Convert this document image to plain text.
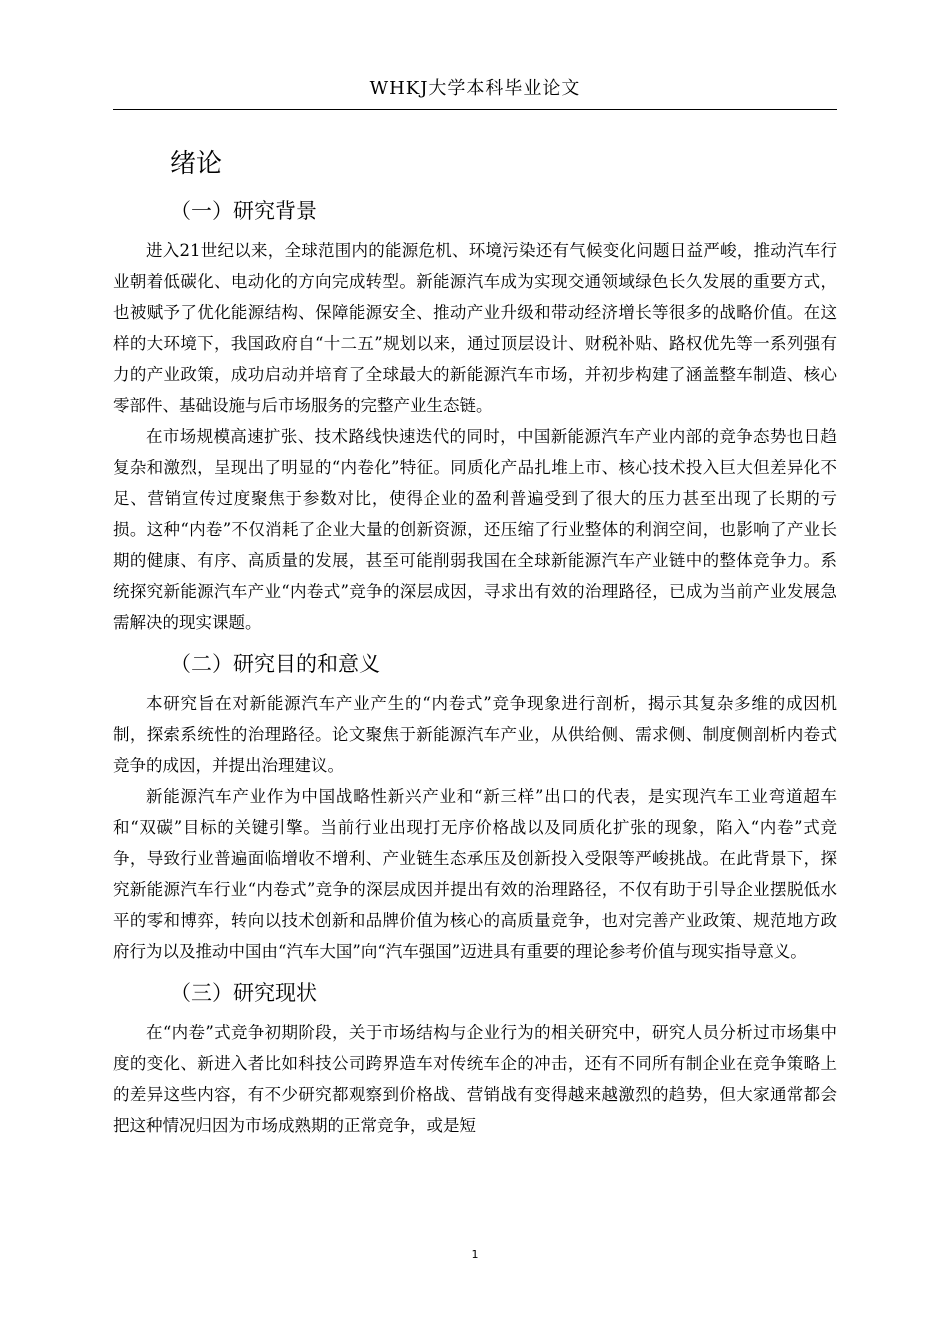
WHKJ大学本科毕业论文
绪论
（一）研究背景

进入21世纪以来，全球范围内的能源危机、环境污染还有气候变化问题日益严峻，推动汽车行业朝着低碳化、电动化的方向完成转型。新能源汽车成为实现交通领域绿色长久发展的重要方式，也被赋予了优化能源结构、保障能源安全、推动产业升级和带动经济增长等很多的战略价值。在这样的大环境下，我国政府自“十二五”规划以来，通过顶层设计、财税补贴、路权优先等一系列强有力的产业政策，成功启动并培育了全球最大的新能源汽车市场，并初步构建了涵盖整车制造、核心零部件、基础设施与后市场服务的完整产业生态链。

在市场规模高速扩张、技术路线快速迭代的同时，中国新能源汽车产业内部的竞争态势也日趋复杂和激烈，呈现出了明显的“内卷化”特征。同质化产品扎堆上市、核心技术投入巨大但差异化不足、营销宣传过度聚焦于参数对比，使得企业的盈利普遍受到了很大的压力甚至出现了长期的亏损。这种“内卷”不仅消耗了企业大量的创新资源，还压缩了行业整体的利润空间，也影响了产业长期的健康、有序、高质量的发展，甚至可能削弱我国在全球新能源汽车产业链中的整体竞争力。系统探究新能源汽车产业“内卷式”竞争的深层成因，寻求出有效的治理路径，已成为当前产业发展急需解决的现实课题。

（二）研究目的和意义

本研究旨在对新能源汽车产业产生的“内卷式”竞争现象进行剖析，揭示其复杂多维的成因机制，探索系统性的治理路径。论文聚焦于新能源汽车产业，从供给侧、需求侧、制度侧剖析内卷式竞争的成因，并提出治理建议。

新能源汽车产业作为中国战略性新兴产业和“新三样”出口的代表，是实现汽车工业弯道超车和“双碳”目标的关键引擎。当前行业出现打无序价格战以及同质化扩张的现象，陷入“内卷”式竞争，导致行业普遍面临增收不增利、产业链生态承压及创新投入受限等严峻挑战。在此背景下，探究新能源汽车行业“内卷式”竞争的深层成因并提出有效的治理路径，不仅有助于引导企业摆脱低水平的零和博弈，转向以技术创新和品牌价值为核心的高质量竞争，也对完善产业政策、规范地方政府行为以及推动中国由“汽车大国”向“汽车强国”迈进具有重要的理论参考价值与现实指导意义。

（三）研究现状

在“内卷”式竞争初期阶段，关于市场结构与企业行为的相关研究中，研究人员分析过市场集中度的变化、新进入者比如科技公司跨界造车对传统车企的冲击，还有不同所有制企业在竞争策略上的差异这些内容，有不少研究都观察到价格战、营销战有变得越来越激烈的趋势，但大家通常都会把这种情况归因为市场成熟期的正常竞争，或是短

1
